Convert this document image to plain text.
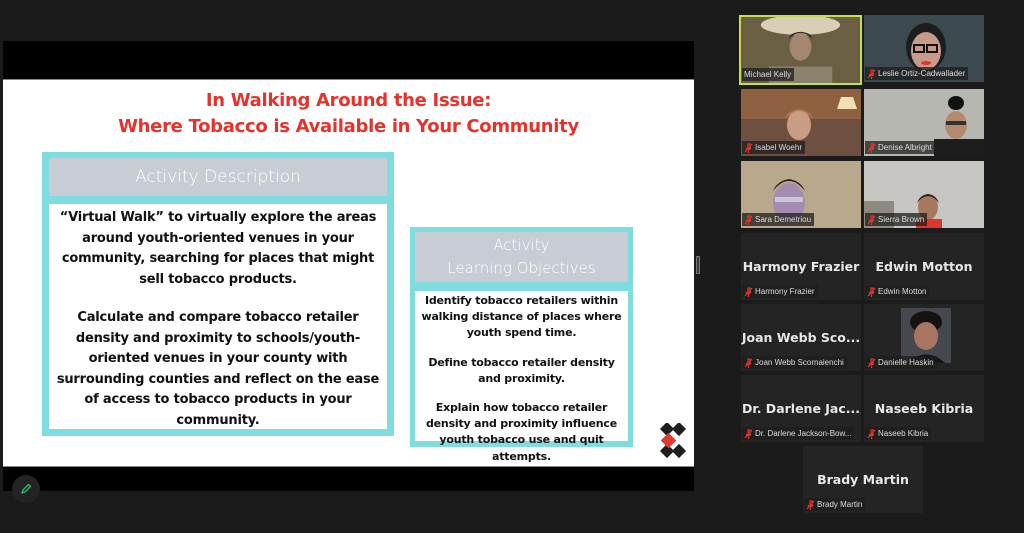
In Walking Around the Issue:
Where Tobacco is Available in Your Community
Activity Description
“Virtual Walk” to virtually explore the areas around youth-oriented venues in your community, searching for places that might sell tobacco products.
Calculate and compare tobacco retailer density and proximity to schools/youth-oriented venues in your county with surrounding counties and reflect on the ease of access to tobacco products in your community.
Activity
Learning Objectives
Identify tobacco retailers within walking distance of places where youth spend time.
Define tobacco retailer density and proximity.
Explain how tobacco retailer density and proximity influence youth tobacco use and quit attempts.
Michael Kelly	Leslie Ortiz-Cadwallader
Isabel Woehr	Denise Albright
Sara Demetriou	Sierra Brown
Harmony Frazier
Harmony Frazier
Edwin Motton
Edwin Motton
Joan Webb Sco...
Joan Webb Scornaienchi	Danielle Haskin
Dr. Darlene Jac...
Dr. Darlene Jackson-Bow...
Naseeb Kibria
Naseeb Kibria
Brady Martin
Brady Martin
